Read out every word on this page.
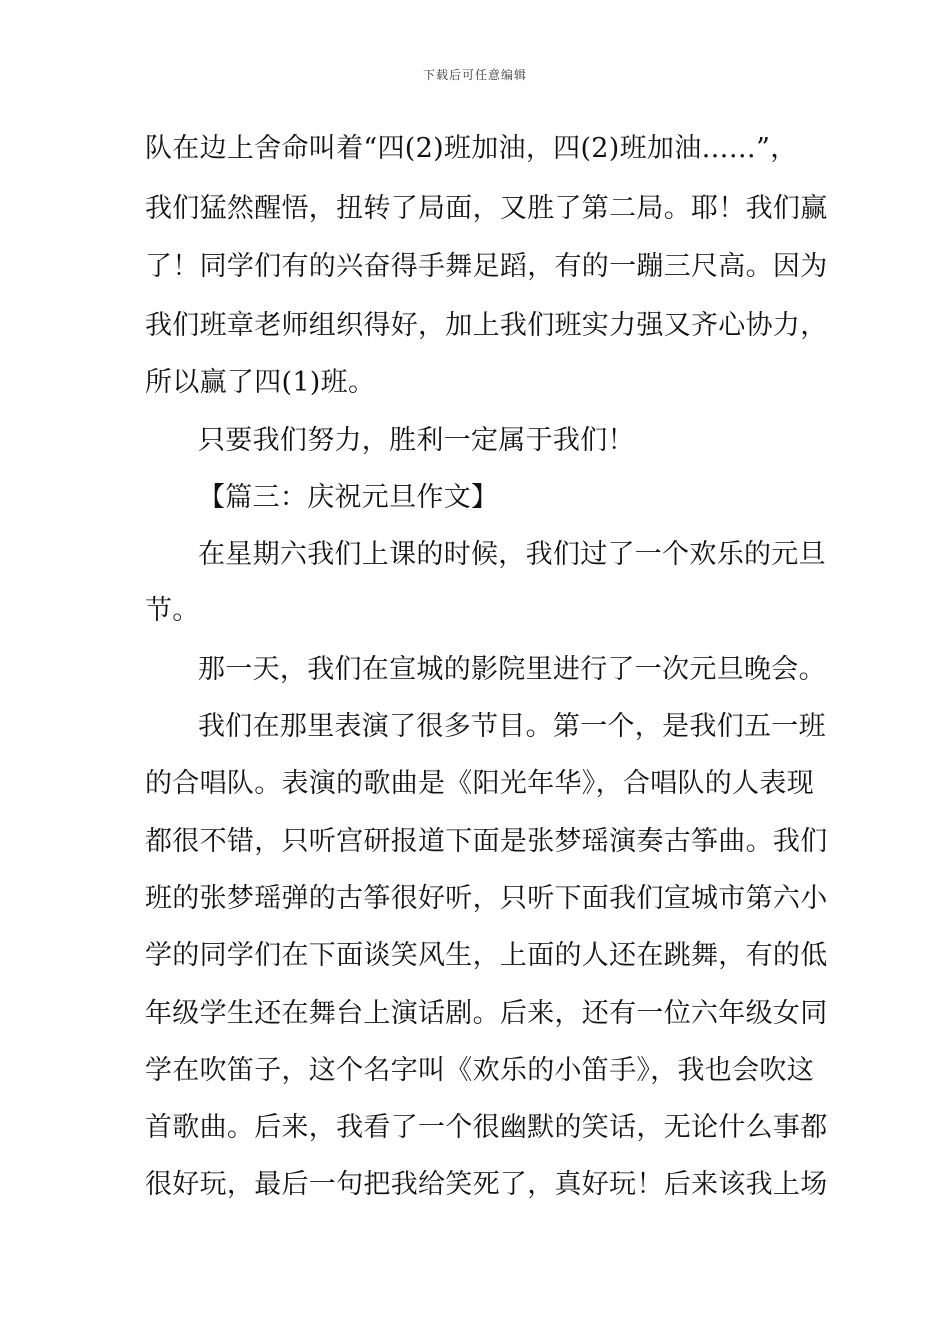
下载后可任意编辑
队在边上舍命叫着“四(2)班加油，四(2)班加油……”，
我们猛然醒悟，扭转了局面，又胜了第二局。耶！我们赢
了！同学们有的兴奋得手舞足蹈，有的一蹦三尺高。因为
我们班章老师组织得好，加上我们班实力强又齐心协力，
所以赢了四(1)班。
只要我们努力，胜利一定属于我们！
【篇三：庆祝元旦作文】
在星期六我们上课的时候，我们过了一个欢乐的元旦
节。
那一天，我们在宣城的影院里进行了一次元旦晚会。
我们在那里表演了很多节目。第一个，是我们五一班
的合唱队。表演的歌曲是《阳光年华》，合唱队的人表现
都很不错，只听宫研报道下面是张梦瑶演奏古筝曲。我们
班的张梦瑶弹的古筝很好听，只听下面我们宣城市第六小
学的同学们在下面谈笑风生，上面的人还在跳舞，有的低
年级学生还在舞台上演话剧。后来，还有一位六年级女同
学在吹笛子，这个名字叫《欢乐的小笛手》，我也会吹这
首歌曲。后来，我看了一个很幽默的笑话，无论什么事都
很好玩，最后一句把我给笑死了，真好玩！后来该我上场
